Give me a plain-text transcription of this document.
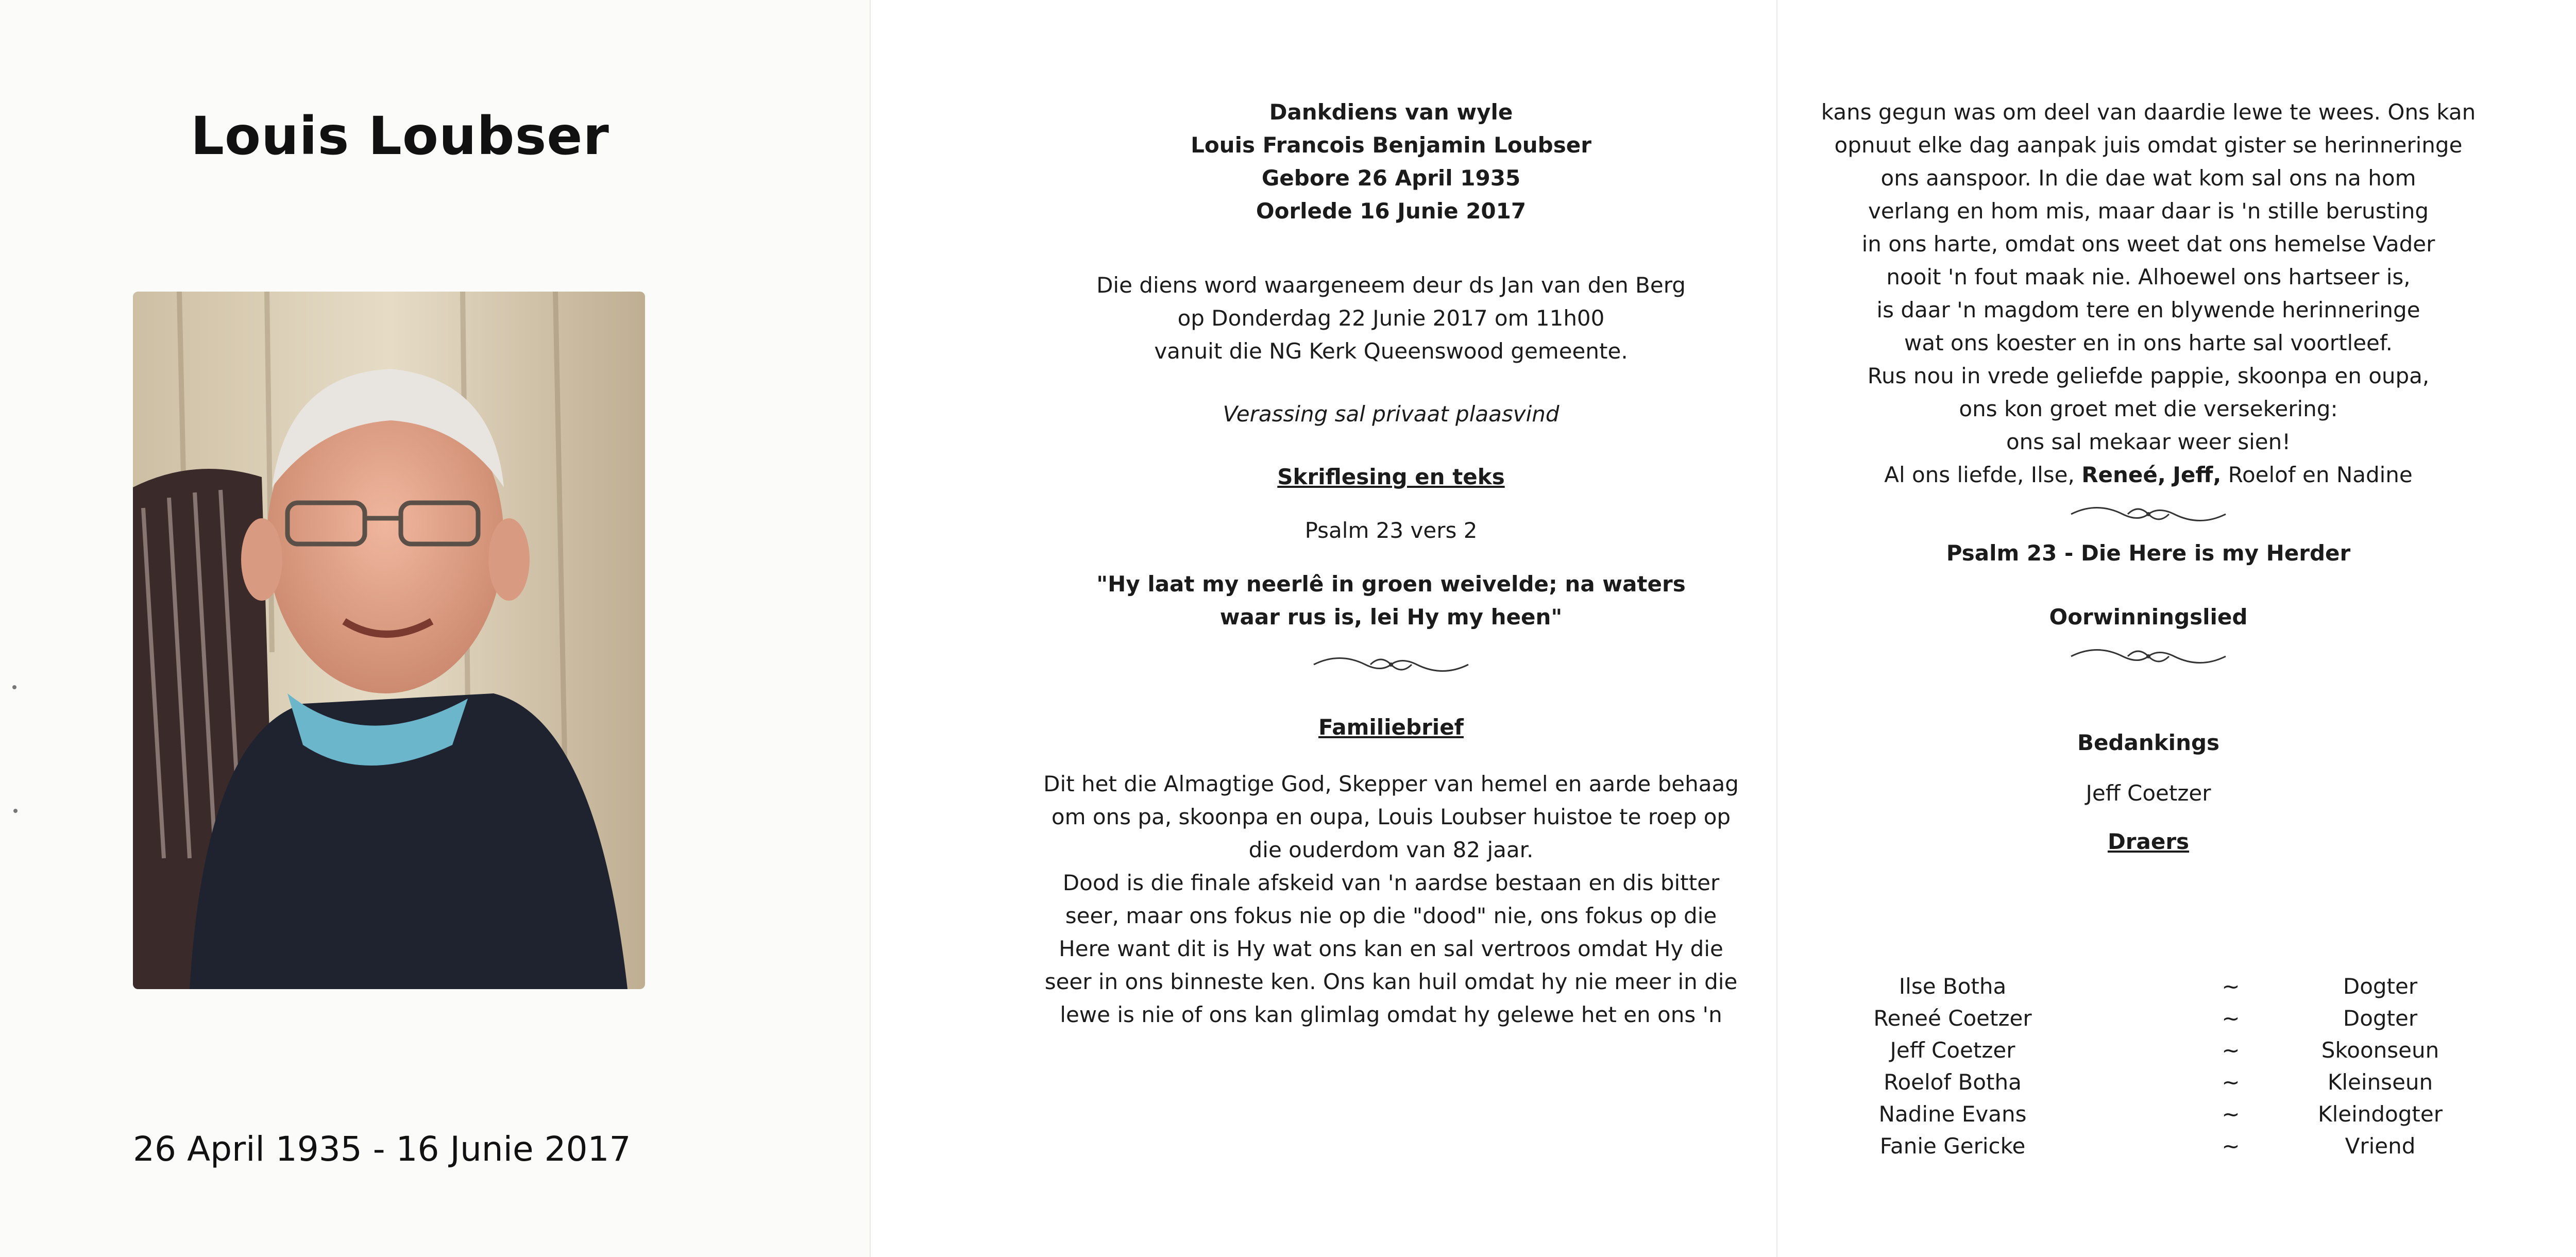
Louis Loubser
26 April 1935 - 16 Junie 2017

Dankdiens van wyle

Louis Francois Benjamin Loubser

Gebore 26 April 1935

Oorlede 16 Junie 2017

Die diens word waargeneem deur ds Jan van den Berg

op Donderdag 22 Junie 2017 om 11h00

vanuit die NG Kerk Queenswood gemeente.

Verassing sal privaat plaasvind

Skriflesing en teks

Psalm 23 vers 2

"Hy laat my neerlê in groen weivelde; na waters

waar rus is, lei Hy my heen"

Familiebrief

Dit het die Almagtige God, Skepper van hemel en aarde behaag

om ons pa, skoonpa en oupa, Louis Loubser huistoe te roep op

die ouderdom van 82 jaar.

Dood is die finale afskeid van 'n aardse bestaan en dis bitter

seer, maar ons fokus nie op die "dood" nie, ons fokus op die

Here want dit is Hy wat ons kan en sal vertroos omdat Hy die

seer in ons binneste ken. Ons kan huil omdat hy nie meer in die

lewe is nie of ons kan glimlag omdat hy gelewe het en ons 'n

kans gegun was om deel van daardie lewe te wees. Ons kan

opnuut elke dag aanpak juis omdat gister se herinneringe

ons aanspoor. In die dae wat kom sal ons na hom

verlang en hom mis, maar daar is 'n stille berusting

in ons harte, omdat ons weet dat ons hemelse Vader

nooit 'n fout maak nie. Alhoewel ons hartseer is,

is daar 'n magdom tere en blywende herinneringe

wat ons koester en in ons harte sal voortleef.

Rus nou in vrede geliefde pappie, skoonpa en oupa,

ons kon groet met die versekering:

ons sal mekaar weer sien!

Al ons liefde, Ilse, Reneé, Jeff, Roelof en Nadine

Psalm 23 - Die Here is my Herder

Oorwinningslied

Bedankings

Jeff Coetzer

Draers

Ilse Botha	~	Dogter
Reneé Coetzer	~	Dogter
Jeff Coetzer	~	Skoonseun
Roelof Botha	~	Kleinseun
Nadine Evans	~	Kleindogter
Fanie Gericke	~	Vriend
